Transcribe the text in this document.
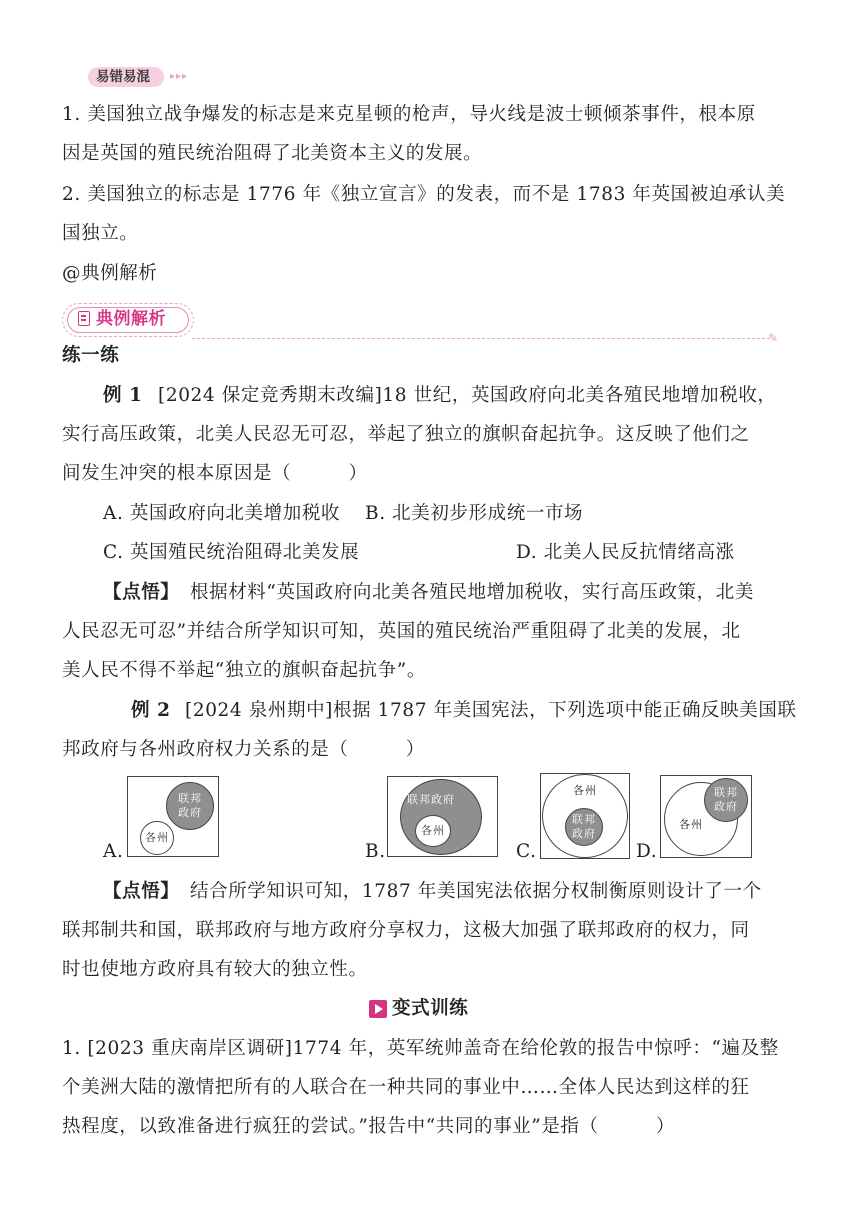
易错易混 ▸▸▸
1. 美国独立战争爆发的标志是来克星顿的枪声，导火线是波士顿倾茶事件，根本原
因是英国的殖民统治阻碍了北美资本主义的发展。
2. 美国独立的标志是 1776 年《独立宣言》的发表，而不是 1783 年英国被迫承认美
国独立。
@典例解析
典例解析
✎
练一练
例 1 [2024 保定竞秀期末改编]18 世纪，英国政府向北美各殖民地增加税收，
实行高压政策，北美人民忍无可忍，举起了独立的旗帜奋起抗争。这反映了他们之
间发生冲突的根本原因是（　　　）
A. 英国政府向北美增加税收 B. 北美初步形成统一市场
C. 英国殖民统治阻碍北美发展	D. 北美人民反抗情绪高涨
【点悟】 根据材料“英国政府向北美各殖民地增加税收，实行高压政策，北美
人民忍无可忍”并结合所学知识可知，英国的殖民统治严重阻碍了北美的发展，北
美人民不得不举起“独立的旗帜奋起抗争”。
例 2 [2024 泉州期中]根据 1787 年美国宪法，下列选项中能正确反映美国联
邦政府与各州政府权力关系的是（　　　）
A.
联邦政府
各州
B.
联邦政府
各州
C.
各州
联邦政府
D.
各州
联邦政府
【点悟】 结合所学知识可知，1787 年美国宪法依据分权制衡原则设计了一个
联邦制共和国，联邦政府与地方政府分享权力，这极大加强了联邦政府的权力，同
时也使地方政府具有较大的独立性。
变式训练
1. [2023 重庆南岸区调研]1774 年，英军统帅盖奇在给伦敦的报告中惊呼：“遍及整
个美洲大陆的激情把所有的人联合在一种共同的事业中……全体人民达到这样的狂
热程度，以致准备进行疯狂的尝试。”报告中“共同的事业”是指（　　　）
